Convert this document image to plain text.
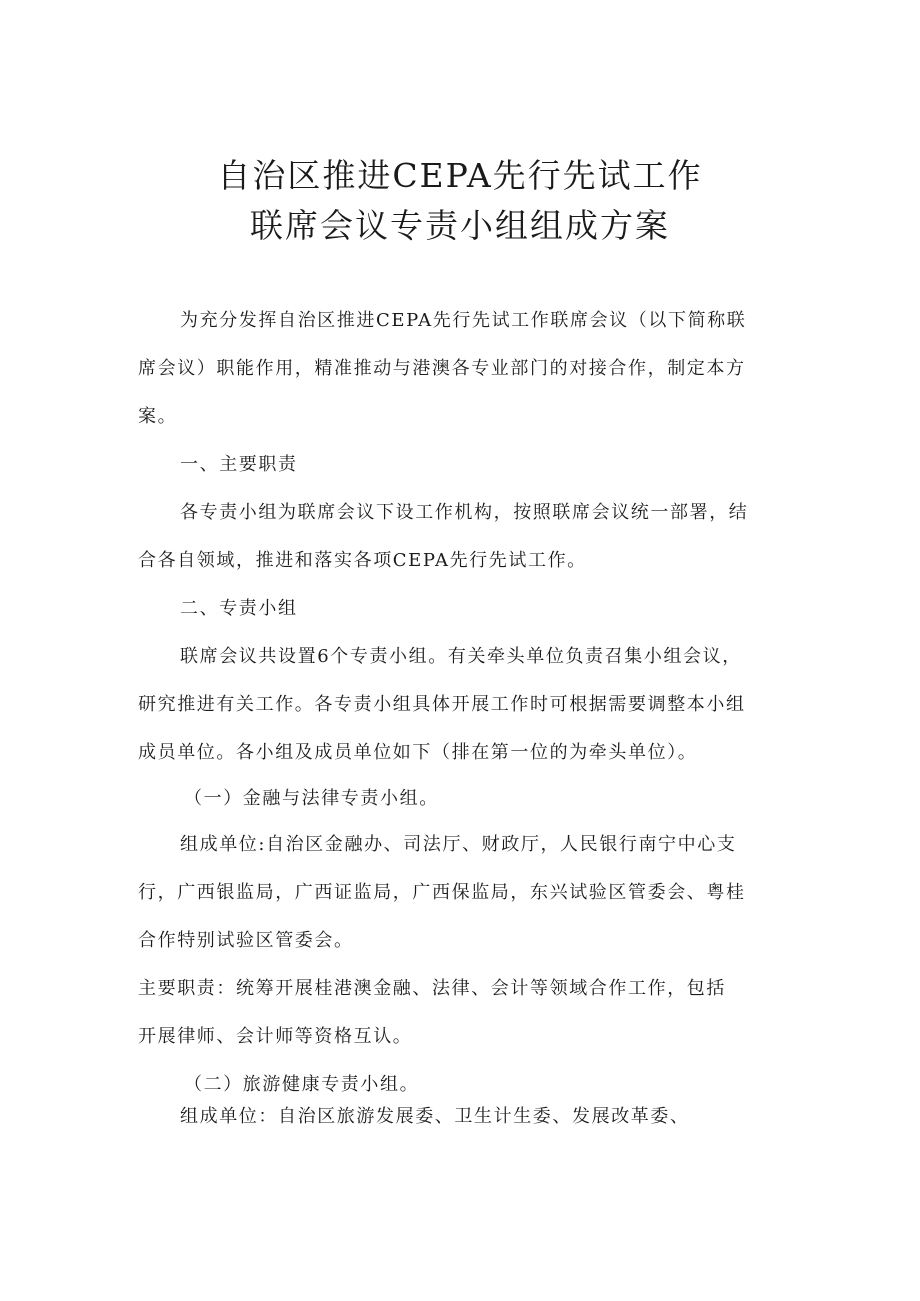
自治区推进CEPA先行先试工作
联席会议专责小组组成方案
为充分发挥自治区推进CEPA先行先试工作联席会议（以下简称联
席会议）职能作用，精准推动与港澳各专业部门的对接合作，制定本方
案。
一、主要职责
各专责小组为联席会议下设工作机构，按照联席会议统一部署，结
合各自领域，推进和落实各项CEPA先行先试工作。
二、专责小组
联席会议共设置6个专责小组。有关牵头单位负责召集小组会议，
研究推进有关工作。各专责小组具体开展工作时可根据需要调整本小组
成员单位。各小组及成员单位如下（排在第一位的为牵头单位）。
（一）金融与法律专责小组。
组成单位:自治区金融办、司法厅、财政厅，人民银行南宁中心支
行，广西银监局，广西证监局，广西保监局，东兴试验区管委会、粤桂
合作特别试验区管委会。
主要职责：统筹开展桂港澳金融、法律、会计等领域合作工作，包括
开展律师、会计师等资格互认。
（二）旅游健康专责小组。
组成单位：自治区旅游发展委、卫生计生委、发展改革委、
